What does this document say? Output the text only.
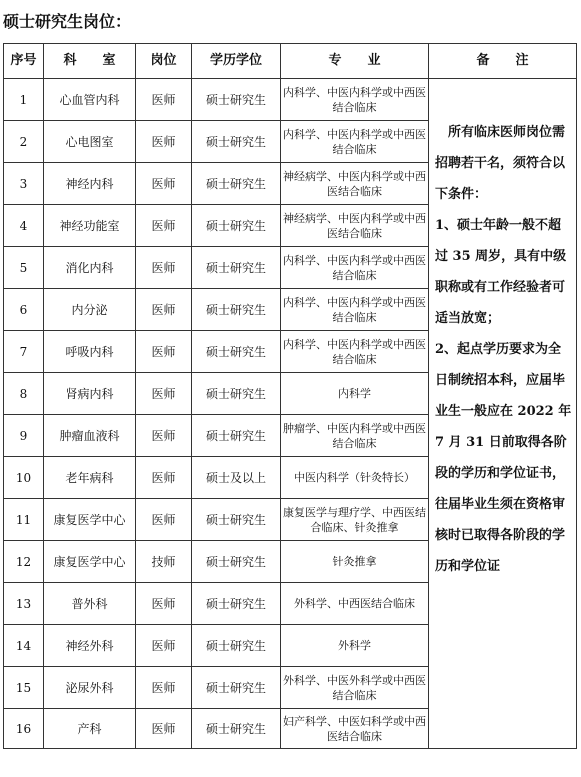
硕士研究生岗位：
序号	科　　室	岗位	学历学位	专　　业	备　　注
1	心血管内科	医师	硕士研究生	内科学、中医内科学或中西医结合临床	　所有临床医师岗位需招聘若干名，须符合以下条件：

1、硕士年龄一般不超过 35 周岁，具有中级职称或有工作经验者可适当放宽；

2、起点学历要求为全日制统招本科，应届毕业生一般应在 2022 年 7 月 31 日前取得各阶段的学历和学位证书，往届毕业生须在资格审核时已取得各阶段的学历和学位证

2	心电图室	医师	硕士研究生	内科学、中医内科学或中西医结合临床	
3	神经内科	医师	硕士研究生	神经病学、中医内科学或中西医结合临床	
4	神经功能室	医师	硕士研究生	神经病学、中医内科学或中西医结合临床	
5	消化内科	医师	硕士研究生	内科学、中医内科学或中西医结合临床	
6	内分泌	医师	硕士研究生	内科学、中医内科学或中西医结合临床	
7	呼吸内科	医师	硕士研究生	内科学、中医内科学或中西医结合临床	
8	肾病内科	医师	硕士研究生	内科学	
9	肿瘤血液科	医师	硕士研究生	肿瘤学、中医内科学或中西医结合临床	
10	老年病科	医师	硕士及以上	中医内科学（针灸特长）	
11	康复医学中心	医师	硕士研究生	康复医学与理疗学、中西医结合临床、针灸推拿	
12	康复医学中心	技师	硕士研究生	针灸推拿	
13	普外科	医师	硕士研究生	外科学、中西医结合临床	
14	神经外科	医师	硕士研究生	外科学	
15	泌尿外科	医师	硕士研究生	外科学、中医外科学或中西医结合临床	
16	产科	医师	硕士研究生	妇产科学、中医妇科学或中西医结合临床	
